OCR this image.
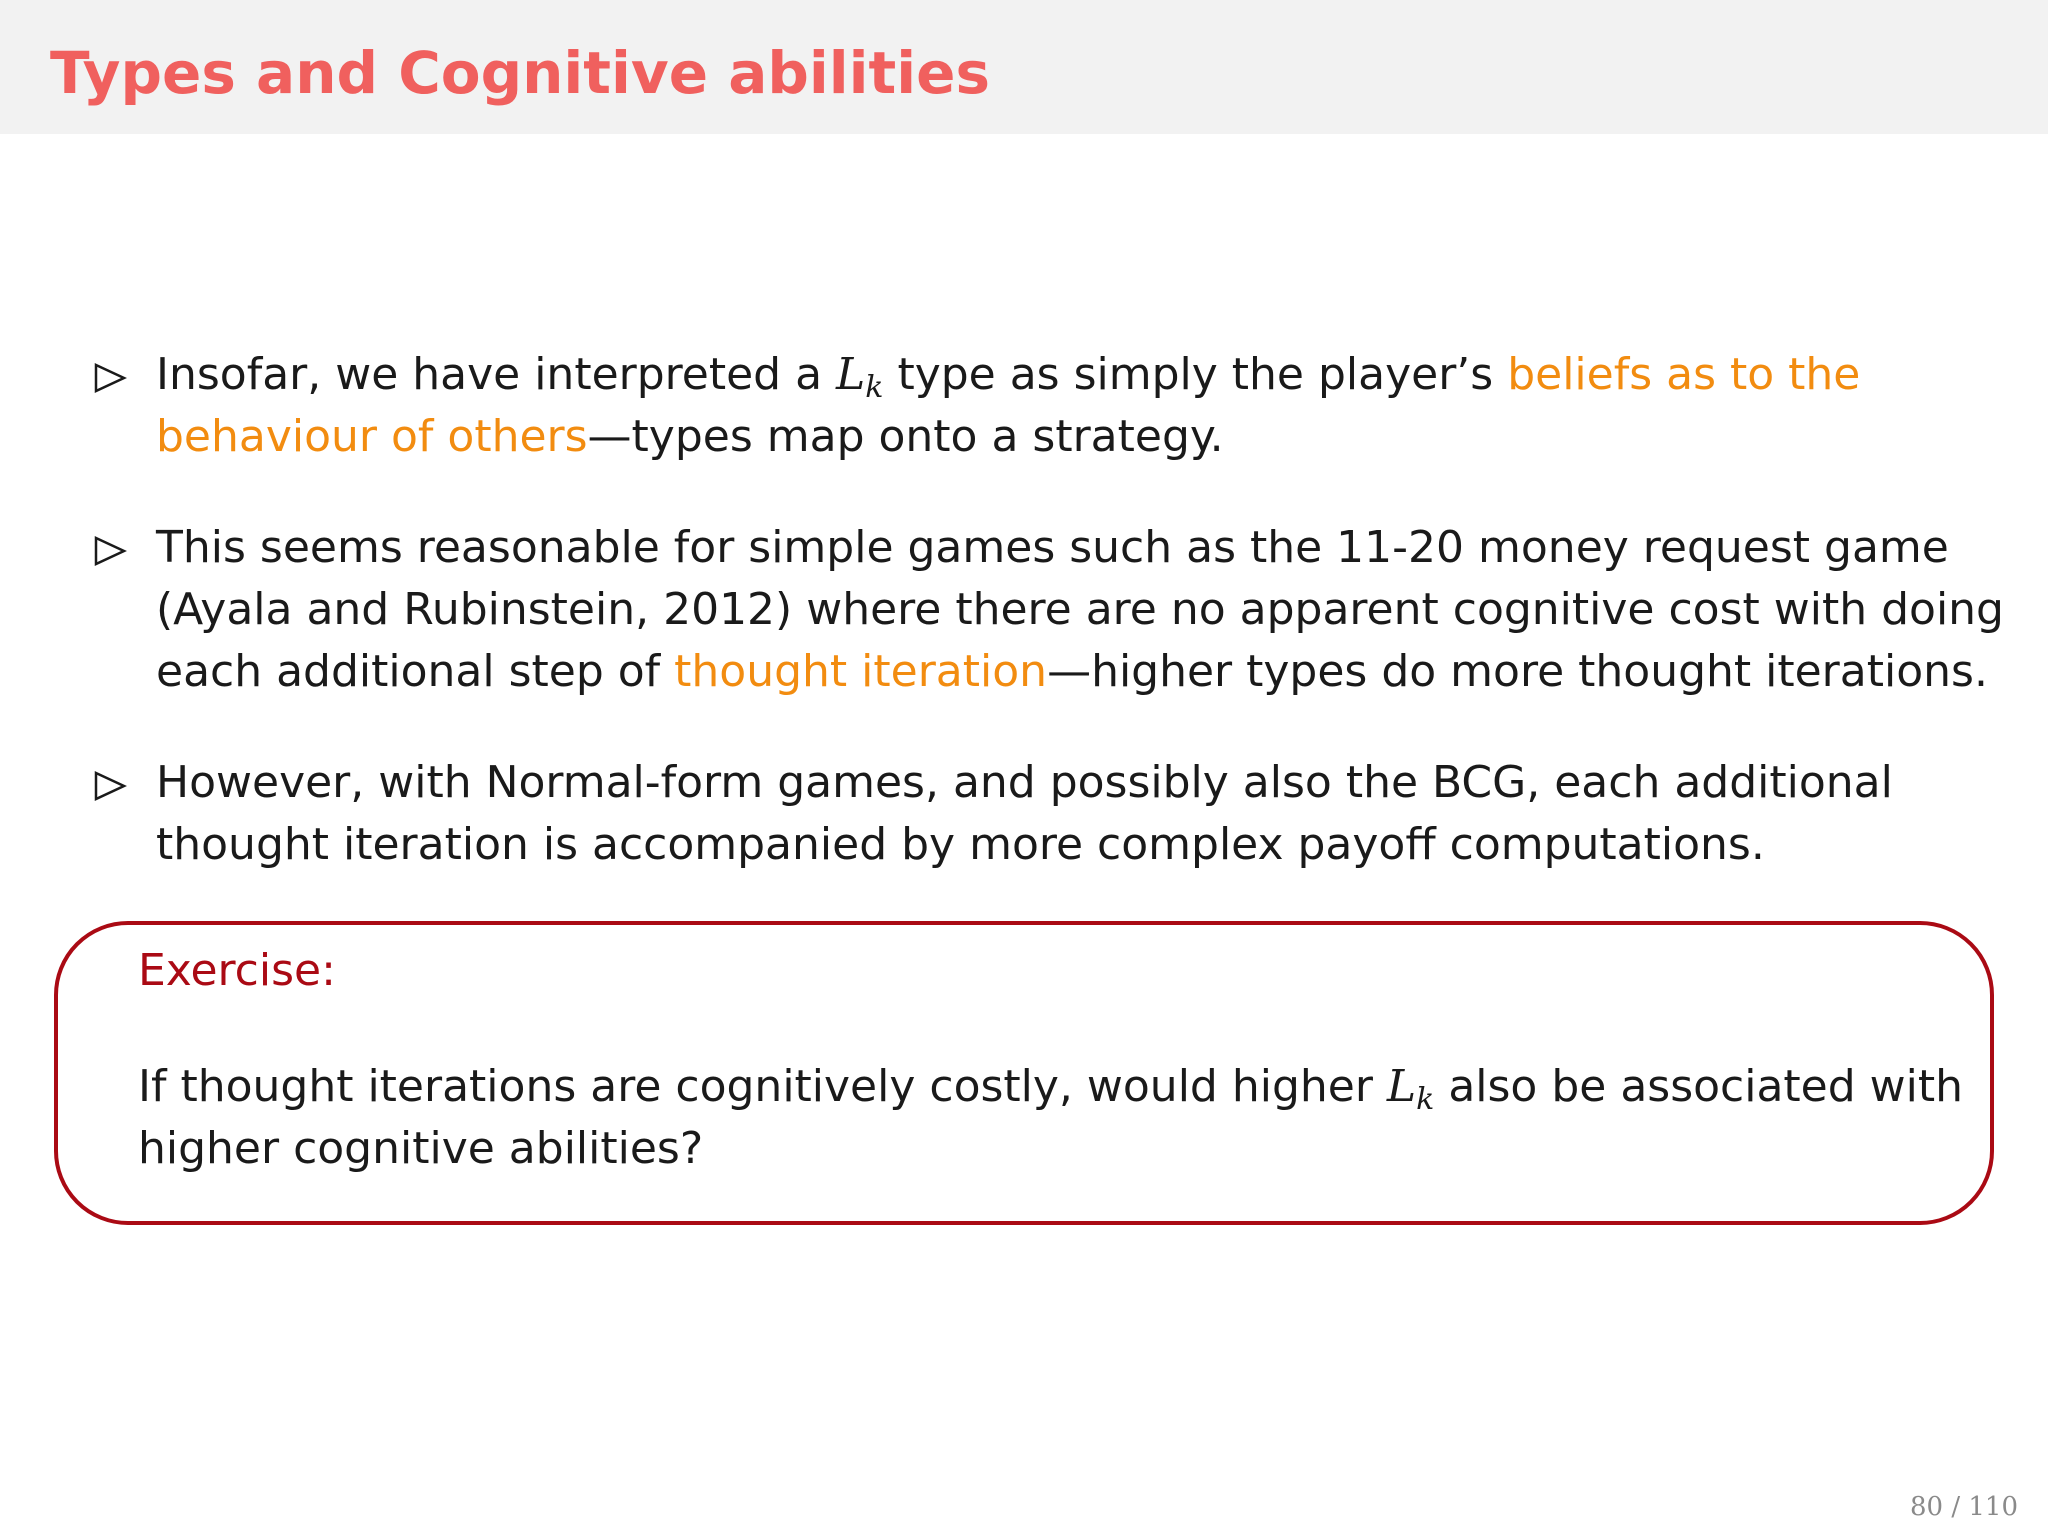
Types and Cognitive abilities
Insofar, we have interpreted a $L_k$ type as simply the player’s beliefs as to the
behaviour of others—types map onto a strategy.
This seems reasonable for simple games such as the 11-20 money request game
(Ayala and Rubinstein, 2012) where there are no apparent cognitive cost with doing
each additional step of thought iteration—higher types do more thought iterations.
However, with Normal-form games, and possibly also the BCG, each additional
thought iteration is accompanied by more complex payoff computations.
Exercise:
If thought iterations are cognitively costly, would higher $L_k$ also be associated with
higher cognitive abilities?
80 / 110
